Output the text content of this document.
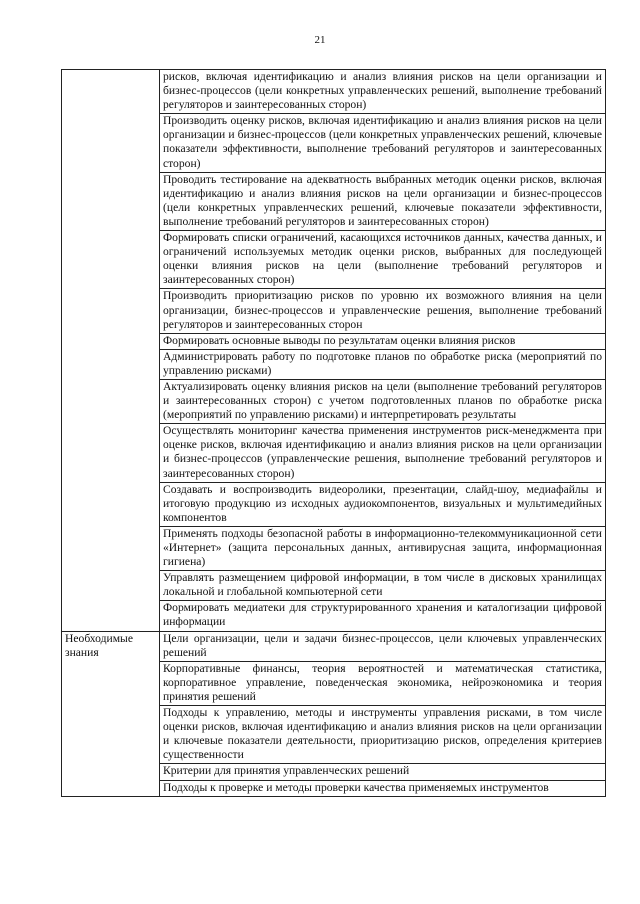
21
	рисков, включая идентификацию и анализ влияния рисков на цели организации и бизнес-процессов (цели конкретных управленческих решений, выполнение требований регуляторов и заинтересованных сторон)
	Производить оценку рисков, включая идентификацию и анализ влияния рисков на цели организации и бизнес-процессов (цели конкретных управленческих решений, ключевые показатели эффективности, выполнение требований регуляторов и заинтересованных сторон)
	Проводить тестирование на адекватность выбранных методик оценки рисков, включая идентификацию и анализ влияния рисков на цели организации и бизнес-процессов (цели конкретных управленческих решений, ключевые показатели эффективности, выполнение требований регуляторов и заинтересованных сторон)
	Формировать списки ограничений, касающихся источников данных, качества данных, и ограничений используемых методик оценки рисков, выбранных для последующей оценки влияния рисков на цели (выполнение требований регуляторов и заинтересованных сторон)
	Производить приоритизацию рисков по уровню их возможного влияния на цели организации, бизнес-процессов и управленческие решения, выполнение требований регуляторов и заинтересованных сторон
	Формировать основные выводы по результатам оценки влияния рисков
	Администрировать работу по подготовке планов по обработке риска (мероприятий по управлению рисками)
	Актуализировать оценку влияния рисков на цели (выполнение требований регуляторов и заинтересованных сторон) с учетом подготовленных планов по обработке риска (мероприятий по управлению рисками) и интерпретировать результаты
	Осуществлять мониторинг качества применения инструментов риск-менеджмента при оценке рисков, включая идентификацию и анализ влияния рисков на цели организации и бизнес-процессов (управленческие решения, выполнение требований регуляторов и заинтересованных сторон)
	Создавать и воспроизводить видеоролики, презентации, слайд-шоу, медиафайлы и итоговую продукцию из исходных аудиокомпонентов, визуальных и мультимедийных компонентов
	Применять подходы безопасной работы в информационно-телекоммуникационной сети «Интернет» (защита персональных данных, антивирусная защита, информационная гигиена)
	Управлять размещением цифровой информации, в том числе в дисковых хранилищах локальной и глобальной компьютерной сети
	Формировать медиатеки для структурированного хранения и каталогизации цифровой информации
Необходимые знания	Цели организации, цели и задачи бизнес-процессов, цели ключевых управленческих решений
	Корпоративные финансы, теория вероятностей и математическая статистика, корпоративное управление, поведенческая экономика, нейроэкономика и теория принятия решений
	Подходы к управлению, методы и инструменты управления рисками, в том числе оценки рисков, включая идентификацию и анализ влияния рисков на цели организации и ключевые показатели деятельности, приоритизацию рисков, определения критериев существенности
	Критерии для принятия управленческих решений
	Подходы к проверке и методы проверки качества применяемых инструментов
